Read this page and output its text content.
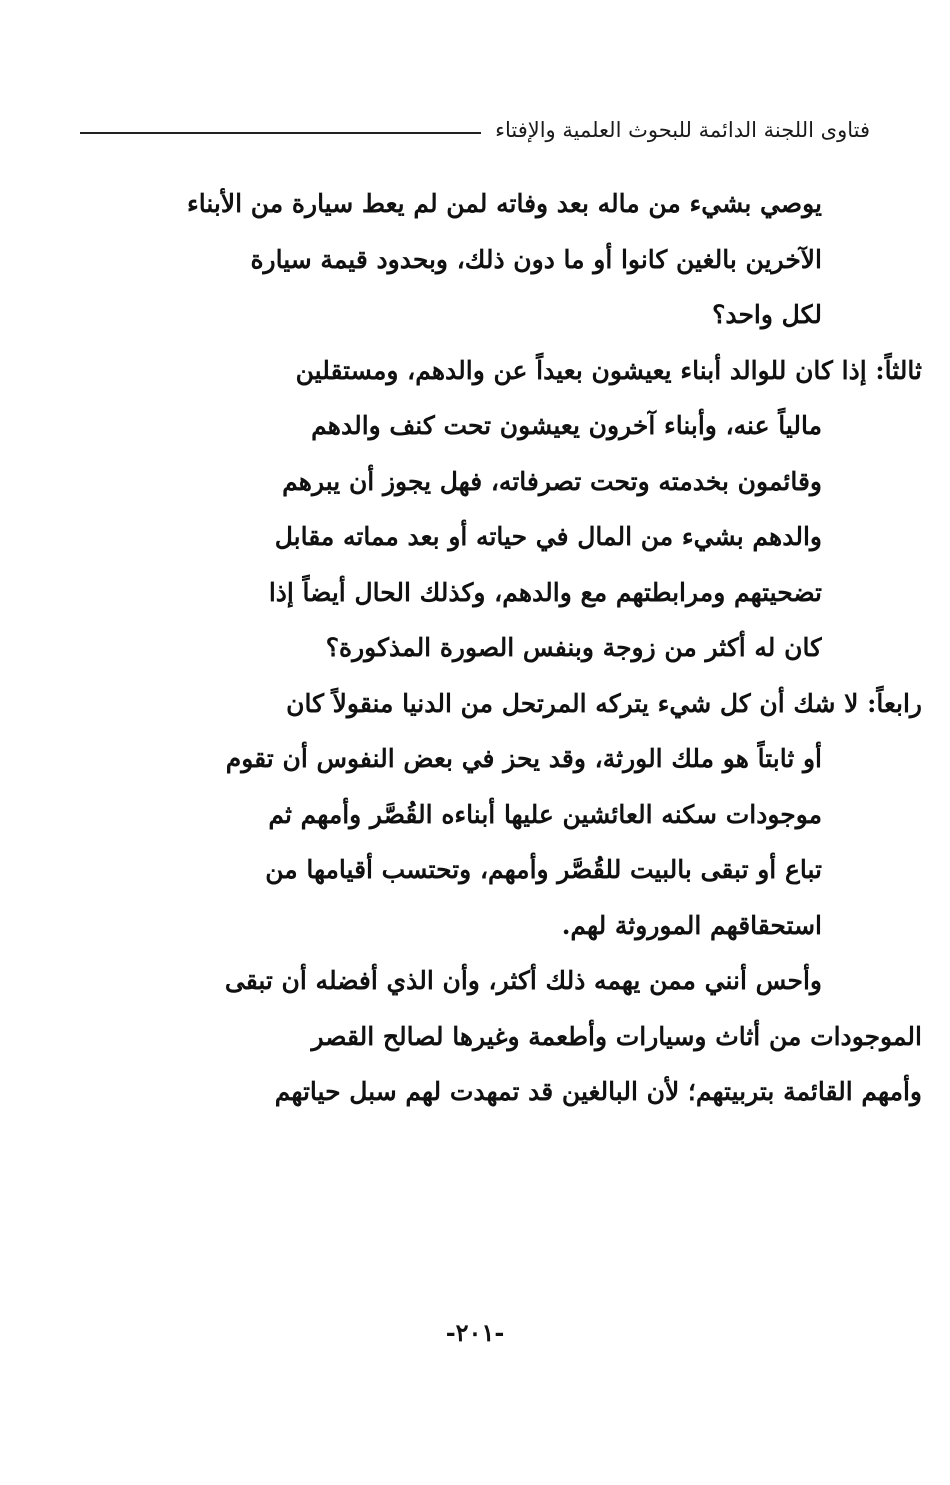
فتاوى اللجنة الدائمة للبحوث العلمية والإفتاء
يوصي بشيء من ماله بعد وفاته لمن لم يعط سيارة من الأبناء
الآخرين بالغين كانوا أو ما دون ذلك، وبحدود قيمة سيارة
لكل واحد؟
ثالثاً: إذا كان للوالد أبناء يعيشون بعيداً عن والدهم، ومستقلين
مالياً عنه، وأبناء آخرون يعيشون تحت كنف والدهم
وقائمون بخدمته وتحت تصرفاته، فهل يجوز أن يبرهم
والدهم بشيء من المال في حياته أو بعد مماته مقابل
تضحيتهم ومرابطتهم مع والدهم، وكذلك الحال أيضاً إذا
كان له أكثر من زوجة وبنفس الصورة المذكورة؟
رابعاً: لا شك أن كل شيء يتركه المرتحل من الدنيا منقولاً كان
أو ثابتاً هو ملك الورثة، وقد يحز في بعض النفوس أن تقوم
موجودات سكنه العائشين عليها أبناءه القُصَّر وأمهم ثم
تباع أو تبقى بالبيت للقُصَّر وأمهم، وتحتسب أقيامها من
استحقاقهم الموروثة لهم.
وأحس أنني ممن يهمه ذلك أكثر، وأن الذي أفضله أن تبقى
الموجودات من أثاث وسيارات وأطعمة وغيرها لصالح القصر
وأمهم القائمة بتربيتهم؛ لأن البالغين قد تمهدت لهم سبل حياتهم
-٢٠١-
